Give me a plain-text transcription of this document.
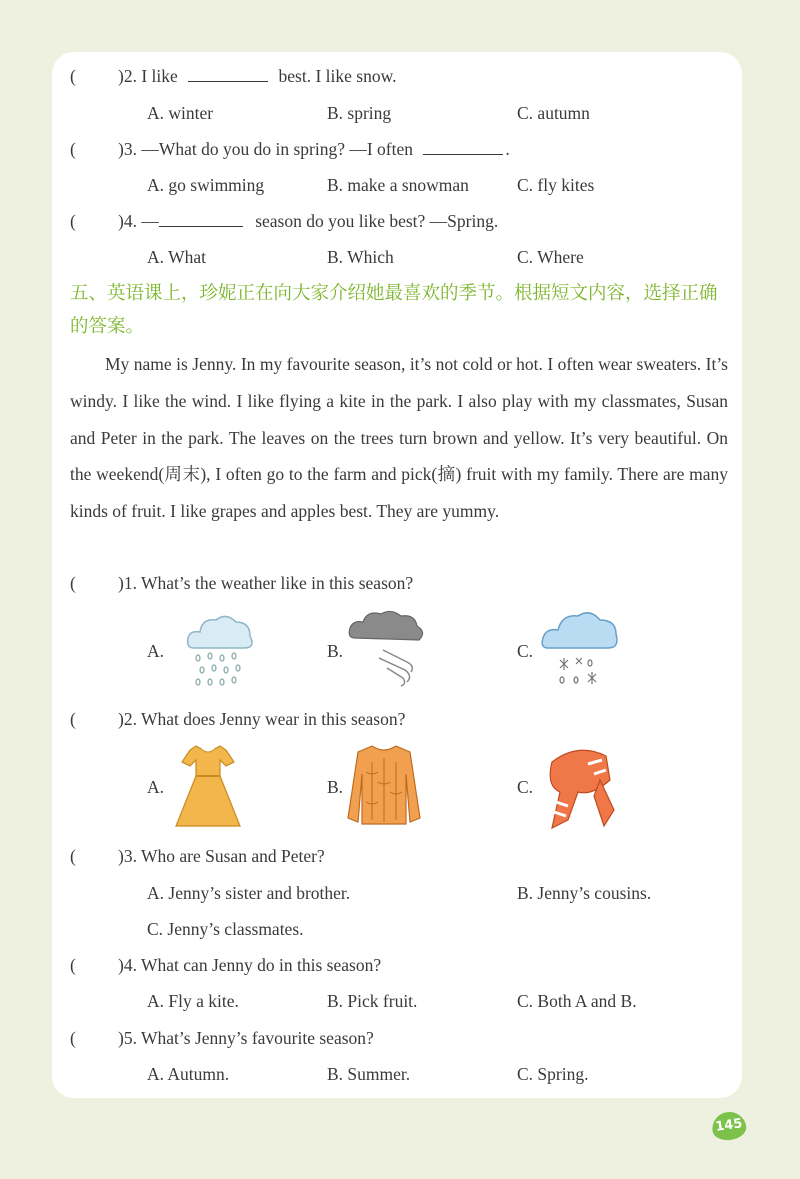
(	)2. I like	best. I like snow.
A. winter	B. spring	C. autumn
(	)3. —What do you do in spring? —I often	.
A. go swimming	B. make a snowman	C. fly kites
(	)4. —	season do you like best? —Spring.
A. What	B. Which	C. Where
五、英语课上，珍妮正在向大家介绍她最喜欢的季节。根据短文内容，选择正确
的答案。
My name is Jenny. In my favourite season, it’s not cold or hot. I often wear sweaters. It’s windy. I like the wind. I like flying a kite in the park. I also play with my classmates, Susan and Peter in the park. The leaves on the trees turn brown and yellow. It’s very beautiful. On the weekend(周末), I often go to the farm and pick(摘) fruit with my family. There are many kinds of fruit. I like grapes and apples best. They are yummy.
(	)1. What’s the weather like in this season?
A.	B.	C.
(	)2. What does Jenny wear in this season?
A.	B.	C.
(	)3. Who are Susan and Peter?
A. Jenny’s sister and brother.	B. Jenny’s cousins.
C. Jenny’s classmates.
(	)4. What can Jenny do in this season?
A. Fly a kite.	B. Pick fruit.	C. Both A and B.
(	)5. What’s Jenny’s favourite season?
A. Autumn.	B. Summer.	C. Spring.
145
